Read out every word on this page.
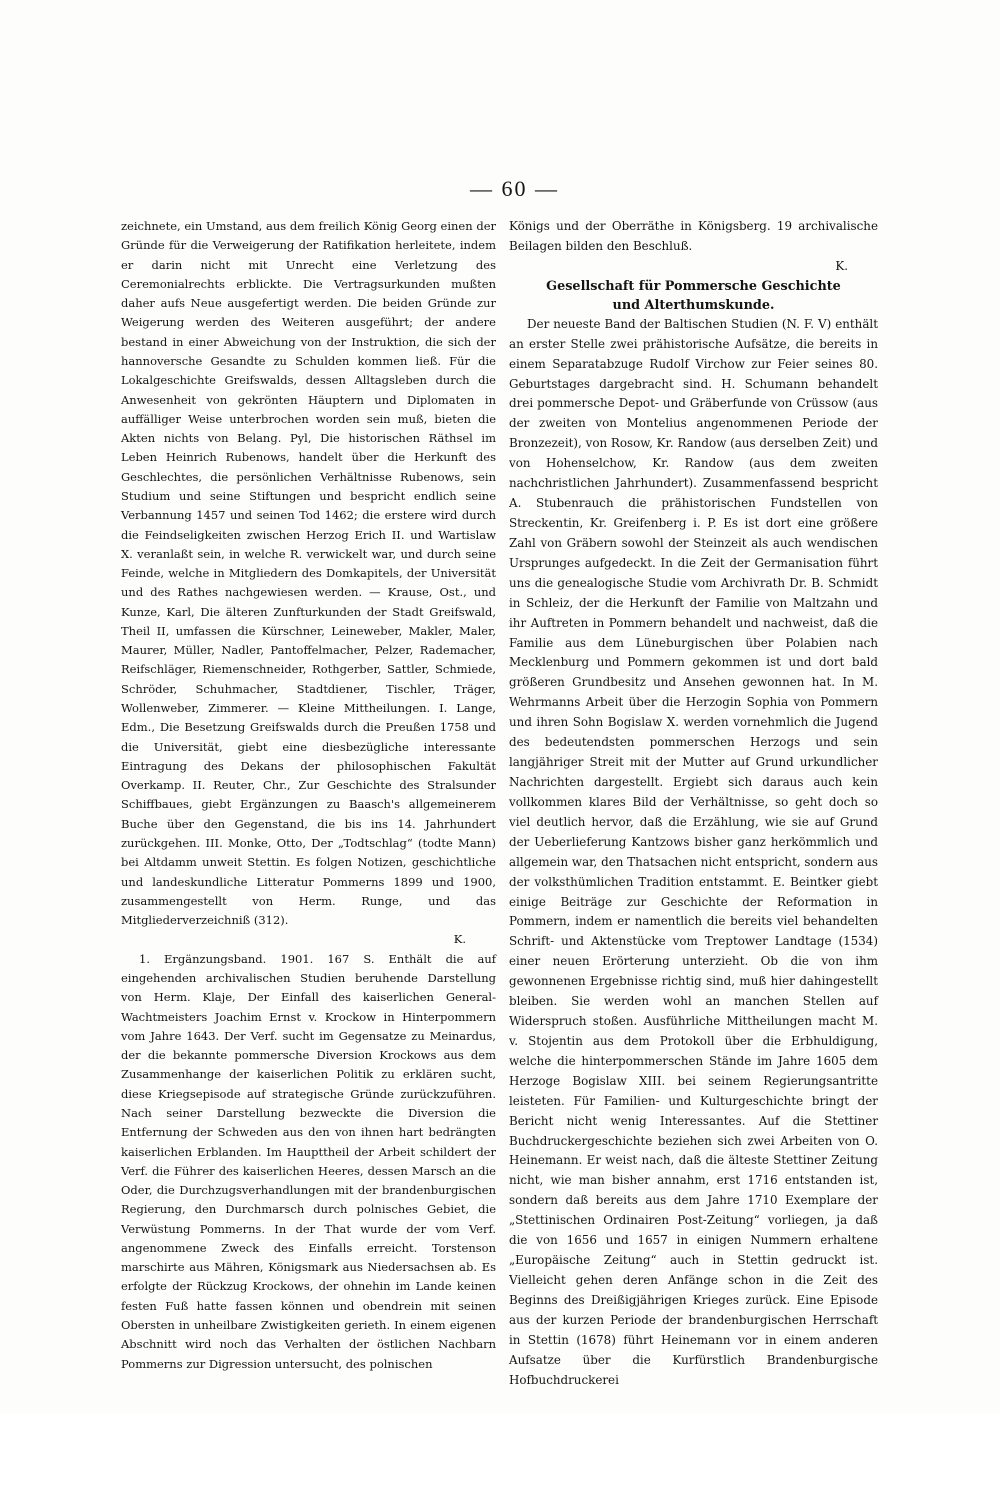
— 60 —

zeichnete, ein Umstand, aus dem freilich König Georg einen der Gründe für die Verweigerung der Ratifikation herleitete, indem er darin nicht mit Unrecht eine Verletzung des Ceremonialrechts erblickte. Die Vertragsurkunden mußten daher aufs Neue ausgefertigt werden. Die beiden Gründe zur Weigerung werden des Weiteren ausgeführt; der andere bestand in einer Abweichung von der Instruktion, die sich der hannoversche Gesandte zu Schulden kommen ließ. Für die Lokalgeschichte Greifswalds, dessen Alltagsleben durch die Anwesenheit von gekrönten Häuptern und Diplomaten in auffälliger Weise unterbrochen worden sein muß, bieten die Akten nichts von Belang. Pyl, Die historischen Räthsel im Leben Heinrich Rubenows, handelt über die Herkunft des Geschlechtes, die persönlichen Verhältnisse Rubenows, sein Studium und seine Stiftungen und bespricht endlich seine Verbannung 1457 und seinen Tod 1462; die erstere wird durch die Feindseligkeiten zwischen Herzog Erich II. und Wartislaw X. veranlaßt sein, in welche R. verwickelt war, und durch seine Feinde, welche in Mitgliedern des Domkapitels, der Universität und des Rathes nachgewiesen werden. — Krause, Ost., und Kunze, Karl, Die älteren Zunfturkunden der Stadt Greifswald, Theil II, umfassen die Kürschner, Leineweber, Makler, Maler, Maurer, Müller, Nadler, Pantoffelmacher, Pelzer, Rademacher, Reifschläger, Riemenschneider, Rothgerber, Sattler, Schmiede, Schröder, Schuhmacher, Stadtdiener, Tischler, Träger, Wollenweber, Zimmerer. — Kleine Mittheilungen. I. Lange, Edm., Die Besetzung Greifswalds durch die Preußen 1758 und die Universität, giebt eine diesbezügliche interessante Eintragung des Dekans der philosophischen Fakultät Overkamp. II. Reuter, Chr., Zur Geschichte des Stralsunder Schiffbaues, giebt Ergänzungen zu Baasch's allgemeinerem Buche über den Gegenstand, die bis ins 14. Jahrhundert zurückgehen. III. Monke, Otto, Der „Todtschlag“ (todte Mann) bei Altdamm unweit Stettin. Es folgen Notizen, geschichtliche und landeskundliche Litteratur Pommerns 1899 und 1900, zusammengestellt von Herm. Runge, und das Mitgliederverzeichniß (312).

K.

1. Ergänzungsband. 1901. 167 S. Enthält die auf eingehenden archivalischen Studien beruhende Darstellung von Herm. Klaje, Der Einfall des kaiserlichen General-Wachtmeisters Joachim Ernst v. Krockow in Hinterpommern vom Jahre 1643. Der Verf. sucht im Gegensatze zu Meinardus, der die bekannte pommersche Diversion Krockows aus dem Zusammenhange der kaiserlichen Politik zu erklären sucht, diese Kriegsepisode auf strategische Gründe zurückzuführen. Nach seiner Darstellung bezweckte die Diversion die Entfernung der Schweden aus den von ihnen hart bedrängten kaiserlichen Erblanden. Im Haupttheil der Arbeit schildert der Verf. die Führer des kaiserlichen Heeres, dessen Marsch an die Oder, die Durchzugsverhandlungen mit der brandenburgischen Regierung, den Durchmarsch durch polnisches Gebiet, die Verwüstung Pommerns. In der That wurde der vom Verf. angenommene Zweck des Einfalls erreicht. Torstenson marschirte aus Mähren, Königsmark aus Niedersachsen ab. Es erfolgte der Rückzug Krockows, der ohnehin im Lande keinen festen Fuß hatte fassen können und obendrein mit seinen Obersten in unheilbare Zwistigkeiten gerieth. In einem eigenen Abschnitt wird noch das Verhalten der östlichen Nachbarn Pommerns zur Digression untersucht, des polnischen

Königs und der Oberräthe in Königsberg. 19 archivalische Beilagen bilden den Beschluß.

K.

Gesellschaft für Pommersche Geschichte

und Alterthumskunde.

Der neueste Band der Baltischen Studien (N. F. V) enthält an erster Stelle zwei prähistorische Aufsätze, die bereits in einem Separatabzuge Rudolf Virchow zur Feier seines 80. Geburtstages dargebracht sind. H. Schumann behandelt drei pommersche Depot- und Gräberfunde von Crüssow (aus der zweiten von Montelius angenommenen Periode der Bronzezeit), von Rosow, Kr. Randow (aus derselben Zeit) und von Hohenselchow, Kr. Randow (aus dem zweiten nachchristlichen Jahrhundert). Zusammenfassend bespricht A. Stubenrauch die prähistorischen Fundstellen von Streckentin, Kr. Greifenberg i. P. Es ist dort eine größere Zahl von Gräbern sowohl der Steinzeit als auch wendischen Ursprunges aufgedeckt. In die Zeit der Germanisation führt uns die genealogische Studie vom Archivrath Dr. B. Schmidt in Schleiz, der die Herkunft der Familie von Maltzahn und ihr Auftreten in Pommern behandelt und nachweist, daß die Familie aus dem Lüneburgischen über Polabien nach Mecklenburg und Pommern gekommen ist und dort bald größeren Grundbesitz und Ansehen gewonnen hat. In M. Wehrmanns Arbeit über die Herzogin Sophia von Pommern und ihren Sohn Bogislaw X. werden vornehmlich die Jugend des bedeutendsten pommerschen Herzogs und sein langjähriger Streit mit der Mutter auf Grund urkundlicher Nachrichten dargestellt. Ergiebt sich daraus auch kein vollkommen klares Bild der Verhältnisse, so geht doch so viel deutlich hervor, daß die Erzählung, wie sie auf Grund der Ueberlieferung Kantzows bisher ganz herkömmlich und allgemein war, den Thatsachen nicht entspricht, sondern aus der volksthümlichen Tradition entstammt. E. Beintker giebt einige Beiträge zur Geschichte der Reformation in Pommern, indem er namentlich die bereits viel behandelten Schrift- und Aktenstücke vom Treptower Landtage (1534) einer neuen Erörterung unterzieht. Ob die von ihm gewonnenen Ergebnisse richtig sind, muß hier dahingestellt bleiben. Sie werden wohl an manchen Stellen auf Widerspruch stoßen. Ausführliche Mittheilungen macht M. v. Stojentin aus dem Protokoll über die Erbhuldigung, welche die hinterpommerschen Stände im Jahre 1605 dem Herzoge Bogislaw XIII. bei seinem Regierungsantritte leisteten. Für Familien- und Kulturgeschichte bringt der Bericht nicht wenig Interessantes. Auf die Stettiner Buchdruckergeschichte beziehen sich zwei Arbeiten von O. Heinemann. Er weist nach, daß die älteste Stettiner Zeitung nicht, wie man bisher annahm, erst 1716 entstanden ist, sondern daß bereits aus dem Jahre 1710 Exemplare der „Stettinischen Ordinairen Post-Zeitung“ vorliegen, ja daß die von 1656 und 1657 in einigen Nummern erhaltene „Europäische Zeitung“ auch in Stettin gedruckt ist. Vielleicht gehen deren Anfänge schon in die Zeit des Beginns des Dreißigjährigen Krieges zurück. Eine Episode aus der kurzen Periode der brandenburgischen Herrschaft in Stettin (1678) führt Heinemann vor in einem anderen Aufsatze über die Kurfürstlich Brandenburgische Hofbuchdruckerei
